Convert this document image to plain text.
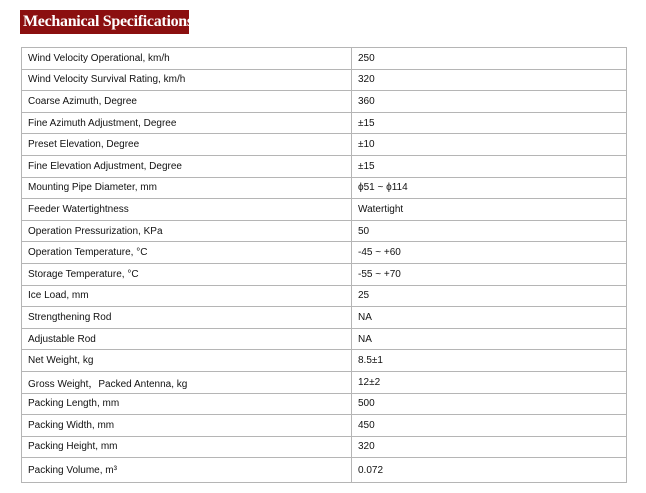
Mechanical Specifications
Wind Velocity Operational, km/h	250
Wind Velocity Survival Rating, km/h	320
Coarse Azimuth, Degree	360
Fine Azimuth Adjustment, Degree	±15
Preset Elevation, Degree	±10
Fine Elevation Adjustment, Degree	±15
Mounting Pipe Diameter, mm	ϕ51 ~ ϕ114
Feeder Watertightness	Watertight
Operation Pressurization, KPa	50
Operation Temperature, °C	-45 ~ +60
Storage Temperature, °C	-55 ~ +70
Ice Load, mm	25
Strengthening Rod	NA
Adjustable Rod	NA
Net Weight, kg	8.5±1
Gross Weight，Packed Antenna, kg	12±2
Packing Length, mm	500
Packing Width, mm	450
Packing Height, mm	320
Packing Volume, m³	0.072
